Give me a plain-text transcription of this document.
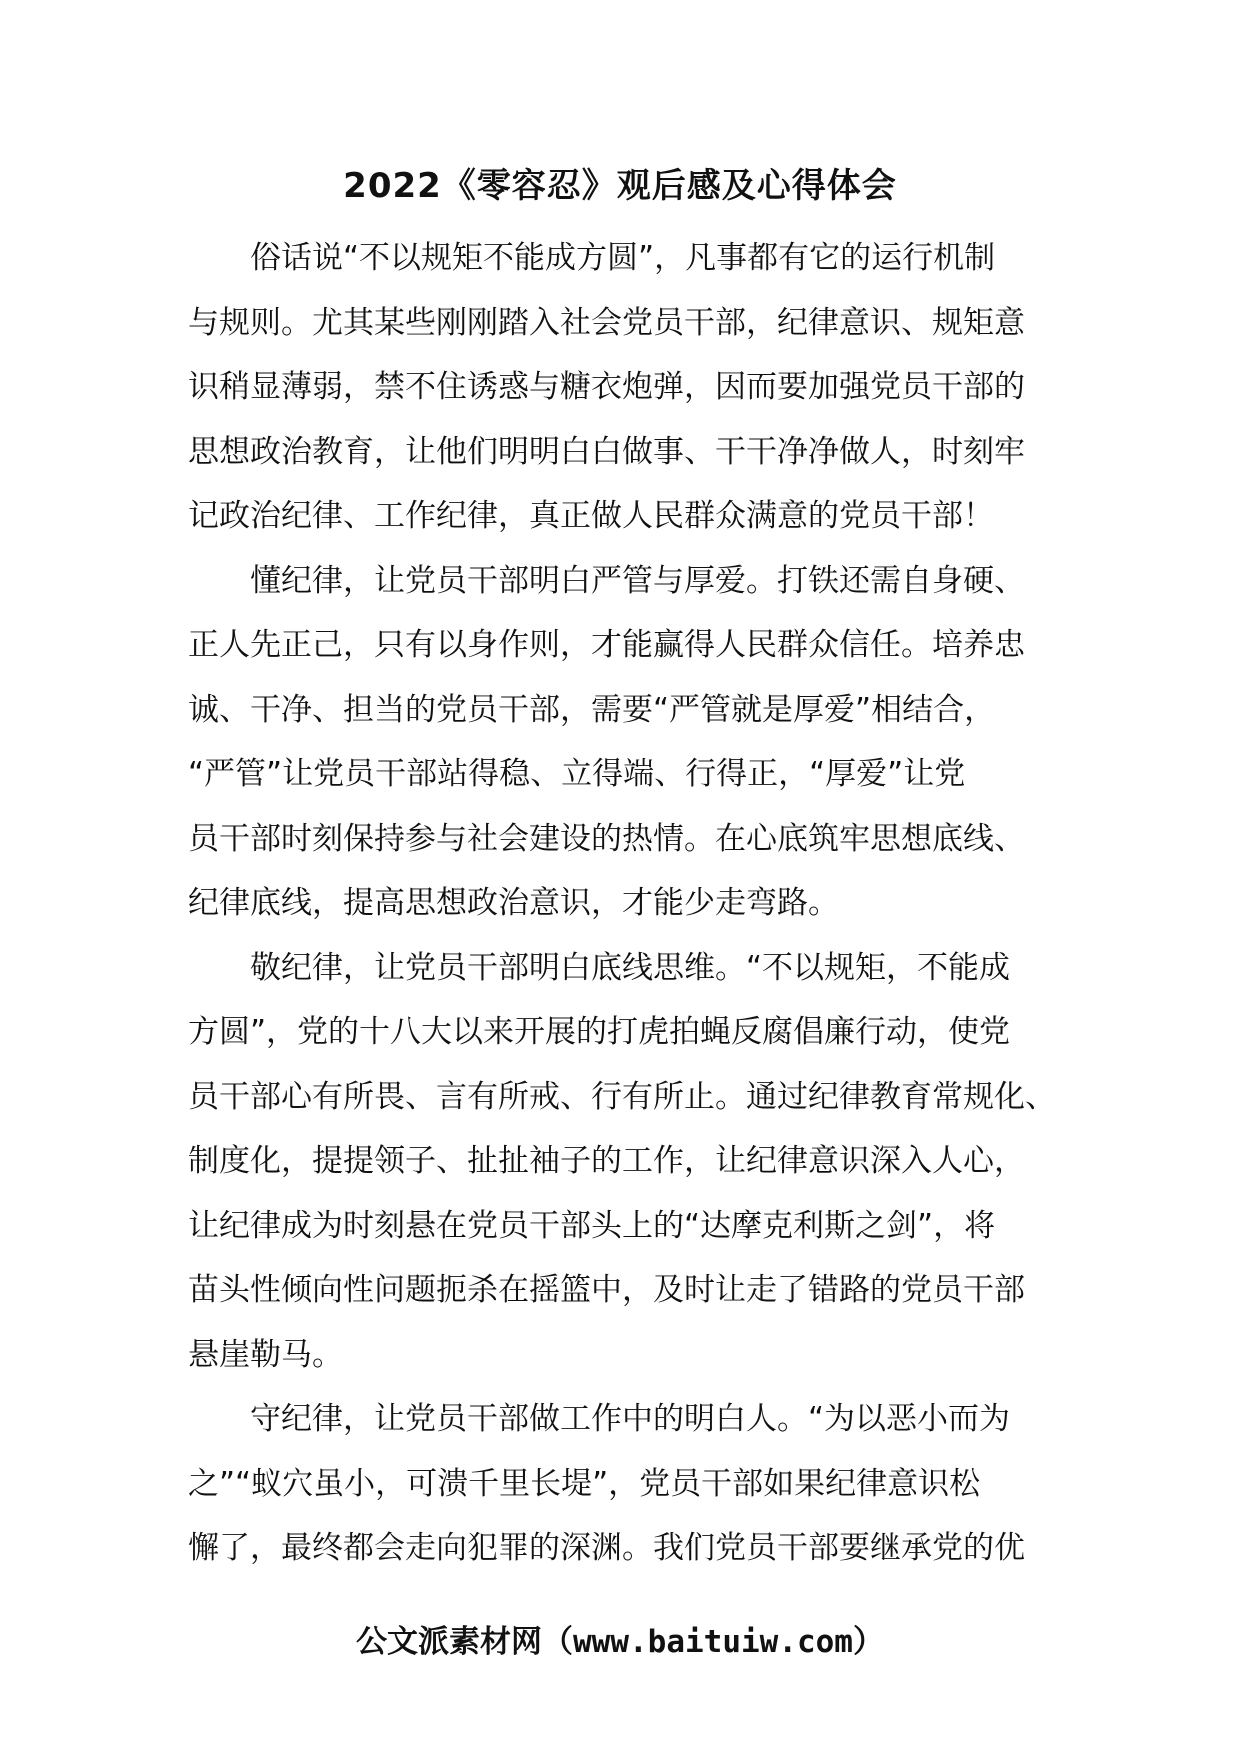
2022《零容忍》观后感及心得体会
俗话说“不以规矩不能成方圆”，凡事都有它的运行机制
与规则。尤其某些刚刚踏入社会党员干部，纪律意识、规矩意
识稍显薄弱，禁不住诱惑与糖衣炮弹，因而要加强党员干部的
思想政治教育，让他们明明白白做事、干干净净做人，时刻牢
记政治纪律、工作纪律，真正做人民群众满意的党员干部！
懂纪律，让党员干部明白严管与厚爱。打铁还需自身硬、
正人先正己，只有以身作则，才能赢得人民群众信任。培养忠
诚、干净、担当的党员干部，需要“严管就是厚爱”相结合，
“严管”让党员干部站得稳、立得端、行得正，“厚爱”让党
员干部时刻保持参与社会建设的热情。在心底筑牢思想底线、
纪律底线，提高思想政治意识，才能少走弯路。
敬纪律，让党员干部明白底线思维。“不以规矩，不能成
方圆”，党的十八大以来开展的打虎拍蝇反腐倡廉行动，使党
员干部心有所畏、言有所戒、行有所止。通过纪律教育常规化、
制度化，提提领子、扯扯袖子的工作，让纪律意识深入人心，
让纪律成为时刻悬在党员干部头上的“达摩克利斯之剑”，将
苗头性倾向性问题扼杀在摇篮中，及时让走了错路的党员干部
悬崖勒马。
守纪律，让党员干部做工作中的明白人。“为以恶小而为
之”“蚁穴虽小，可溃千里长堤”，党员干部如果纪律意识松
懈了，最终都会走向犯罪的深渊。我们党员干部要继承党的优
公文派素材网（www.baituiw.com）
